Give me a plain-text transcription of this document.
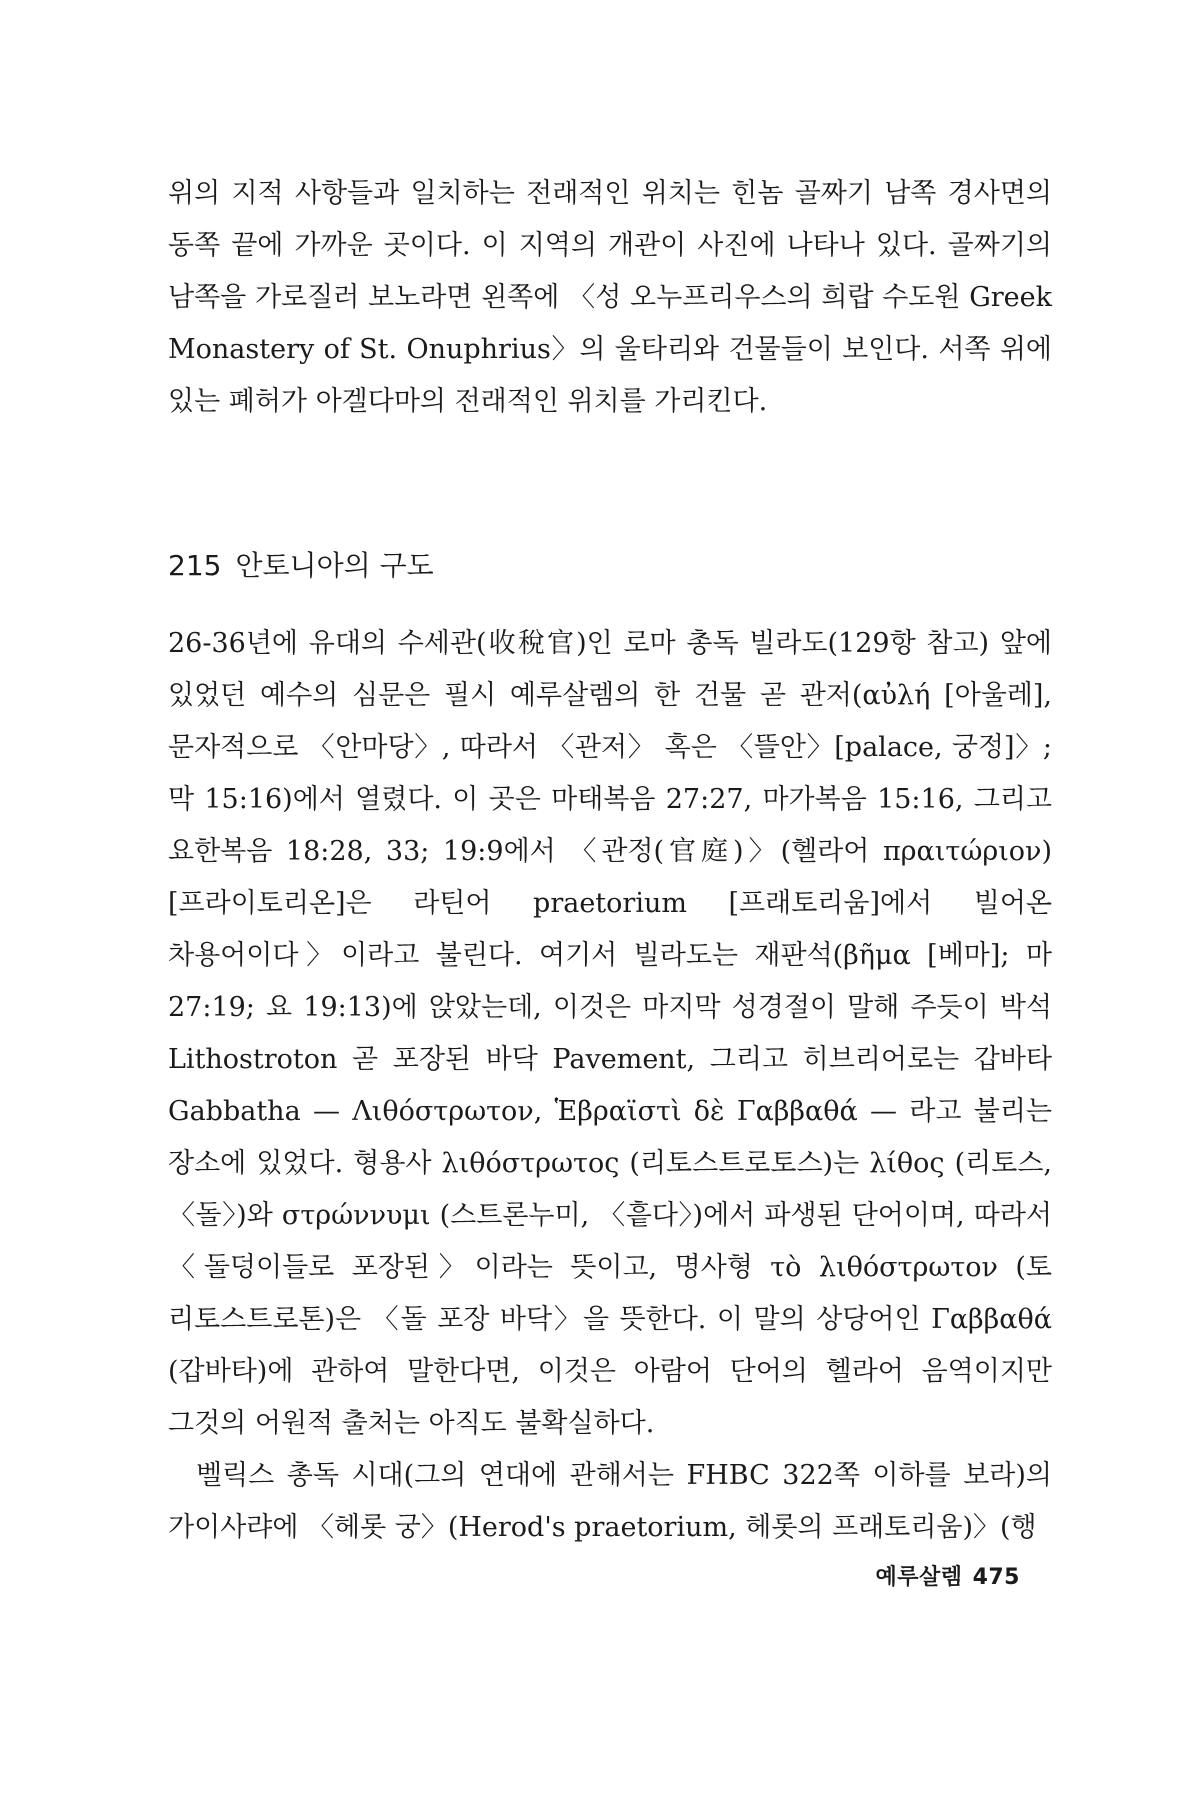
위의 지적 사항들과 일치하는 전래적인 위치는 힌놈 골짜기 남쪽 경사면의 동쪽 끝에 가까운 곳이다. 이 지역의 개관이 사진에 나타나 있다. 골짜기의 남쪽을 가로질러 보노라면 왼쪽에 〈성 오누프리우스의 희랍 수도원 Greek Monastery of St. Onuphrius〉의 울타리와 건물들이 보인다. 서쪽 위에 있는 폐허가 아겔다마의 전래적인 위치를 가리킨다.

215 안토니아의 구도

26-36년에 유대의 수세관(收稅官)인 로마 총독 빌라도(129항 참고) 앞에 있었던 예수의 심문은 필시 예루살렘의 한 건물 곧 관저(αὐλή [아울레], 문자적으로 〈안마당〉, 따라서 〈관저〉 혹은 〈뜰안〉[palace, 궁정]〉; 막 15:16)에서 열렸다. 이 곳은 마태복음 27:27, 마가복음 15:16, 그리고 요한복음 18:28, 33; 19:9에서 〈관정(官庭)〉(헬라어 πραιτώριον) [프라이토리온]은 라틴어 praetorium [프래토리움]에서 빌어온 차용어이다〉이라고 불린다. 여기서 빌라도는 재판석(βῆμα [베마]; 마 27:19; 요 19:13)에 앉았는데, 이것은 마지막 성경절이 말해 주듯이 박석 Lithostroton 곧 포장된 바닥 Pavement, 그리고 히브리어로는 갑바타 Gabbatha — Λιθόστρωτον, Ἑβραϊστὶ δὲ Γαββαθά — 라고 불리는 장소에 있었다. 형용사 λιθόστρωτος (리토스트로토스)는 λίθος (리토스, 〈돌〉)와 στρώννυμι (스트론누미, 〈흩다〉)에서 파생된 단어이며, 따라서 〈돌덩이들로 포장된〉이라는 뜻이고, 명사형 τὸ λιθόστρωτον (토 리토스트로톤)은 〈돌 포장 바닥〉을 뜻한다. 이 말의 상당어인 Γαββαθά (갑바타)에 관하여 말한다면, 이것은 아람어 단어의 헬라어 음역이지만 그것의 어원적 출처는 아직도 불확실하다.

벨릭스 총독 시대(그의 연대에 관해서는 FHBC 322쪽 이하를 보라)의 가이사랴에 〈헤롯 궁〉(Herod's praetorium, 헤롯의 프래토리움)〉(행

예루살렘 475
